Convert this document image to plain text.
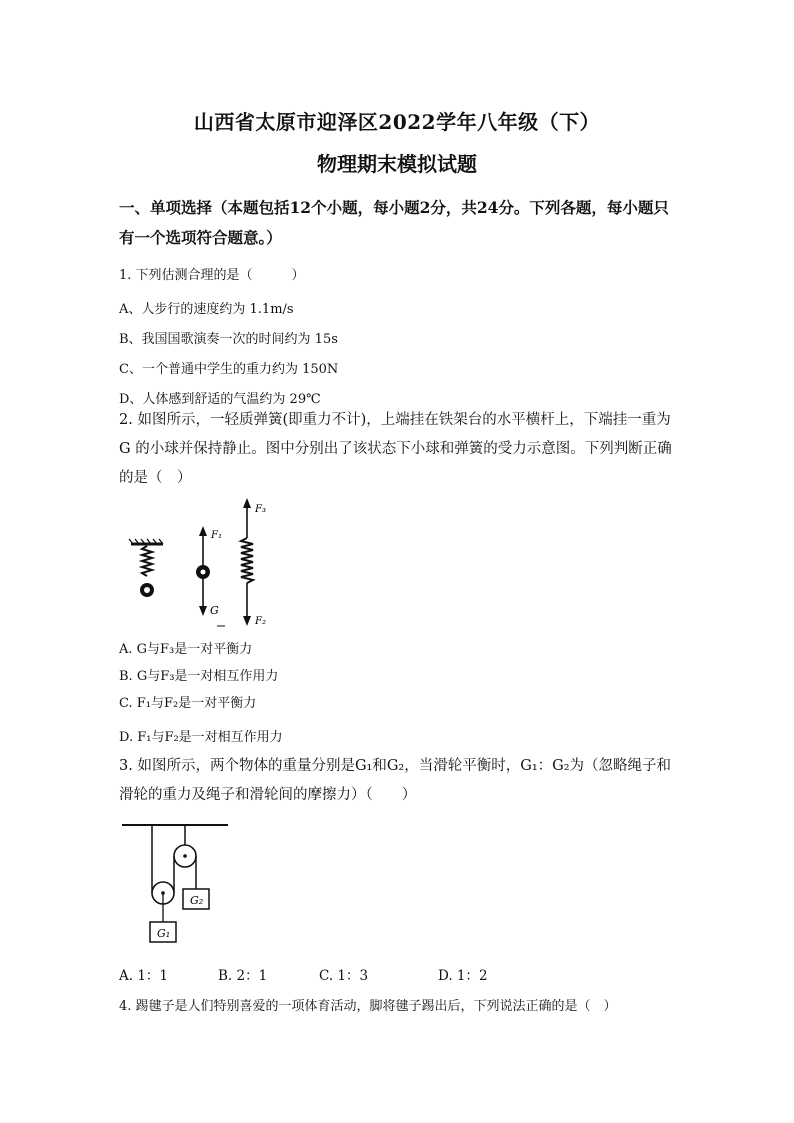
山西省太原市迎泽区2022学年八年级（下）
物理期末模拟试题
一、单项选择（本题包括12个小题，每小题2分，共24分。下列各题，每小题只有一个选项符合题意。）
1. 下列估测合理的是（　　　）
A、人步行的速度约为 1.1m/s
B、我国国歌演奏一次的时间约为 15s
C、一个普通中学生的重力约为 150N
D、人体感到舒适的气温约为 29℃
2. 如图所示，一轻质弹簧(即重力不计)，上端挂在铁架台的水平横杆上，下端挂一重为 G 的小球并保持静止。图中分别出了该状态下小球和弹簧的受力示意图。下列判断正确的是（　）
F₁
G
F₃
F₂
A. G与F₃是一对平衡力
B. G与F₃是一对相互作用力
C. F₁与F₂是一对平衡力
D. F₁与F₂是一对相互作用力
3. 如图所示，两个物体的重量分别是G₁和G₂，当滑轮平衡时，G₁：G₂为（忽略绳子和滑轮的重力及绳子和滑轮间的摩擦力）（　　）
G₂
G₁
A. 1：1	B. 2：1	C. 1：3	D. 1：2
4. 踢毽子是人们特别喜爱的一项体育活动，脚将毽子踢出后，下列说法正确的是（　）
